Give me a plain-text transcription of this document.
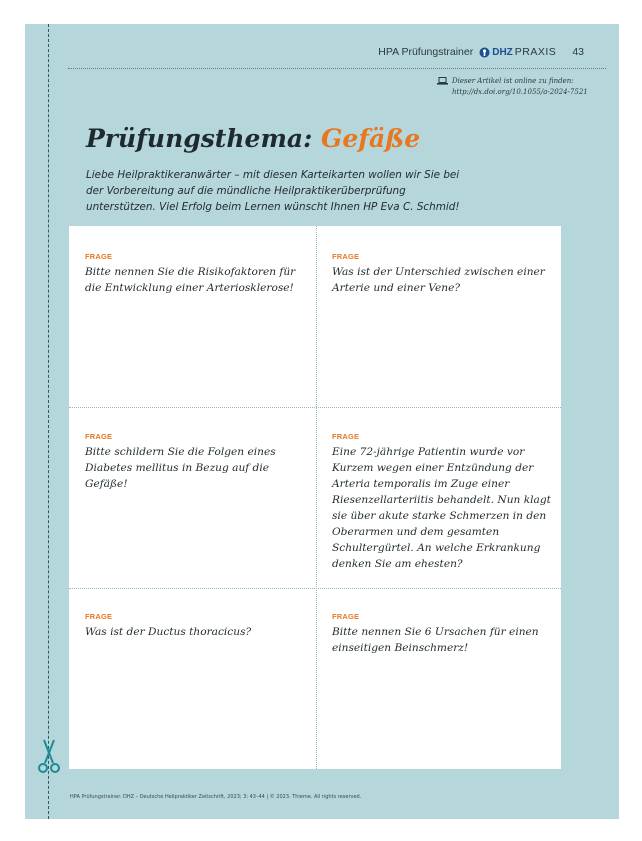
HPA Prüfungstrainer DHZ PRAXIS 43
Dieser Artikel ist online zu finden:
http://dx.doi.org/10.1055/a-2024-7521
Prüfungsthema: Gefäße
Liebe Heilpraktikeranwärter – mit diesen Karteikarten wollen wir Sie bei der Vorbereitung auf die mündliche Heilpraktikerüberprüfung unterstützen. Viel Erfolg beim Lernen wünscht Ihnen HP Eva C. Schmid!
FRAGE
Bitte nennen Sie die Risikofaktoren für die Entwicklung einer Arteriosklerose!
FRAGE
Was ist der Unterschied zwischen einer Arterie und einer Vene?
FRAGE
Bitte schildern Sie die Folgen eines Diabetes mellitus in Bezug auf die Gefäße!
FRAGE
Eine 72-jährige Patientin wurde vor Kurzem wegen einer Entzündung der Arteria temporalis im Zuge einer Riesenzellarteriitis behandelt. Nun klagt sie über akute starke Schmerzen in den Oberarmen und dem gesamten Schultergürtel. An welche Erkrankung denken Sie am ehesten?
FRAGE
Was ist der Ductus thoracicus?
FRAGE
Bitte nennen Sie 6 Ursachen für einen einseitigen Beinschmerz!
HPA Prüfungstrainer. DHZ – Deutsche Heilpraktiker Zeitschrift, 2023; 3: 43–44 | © 2023. Thieme. All rights reserved.
